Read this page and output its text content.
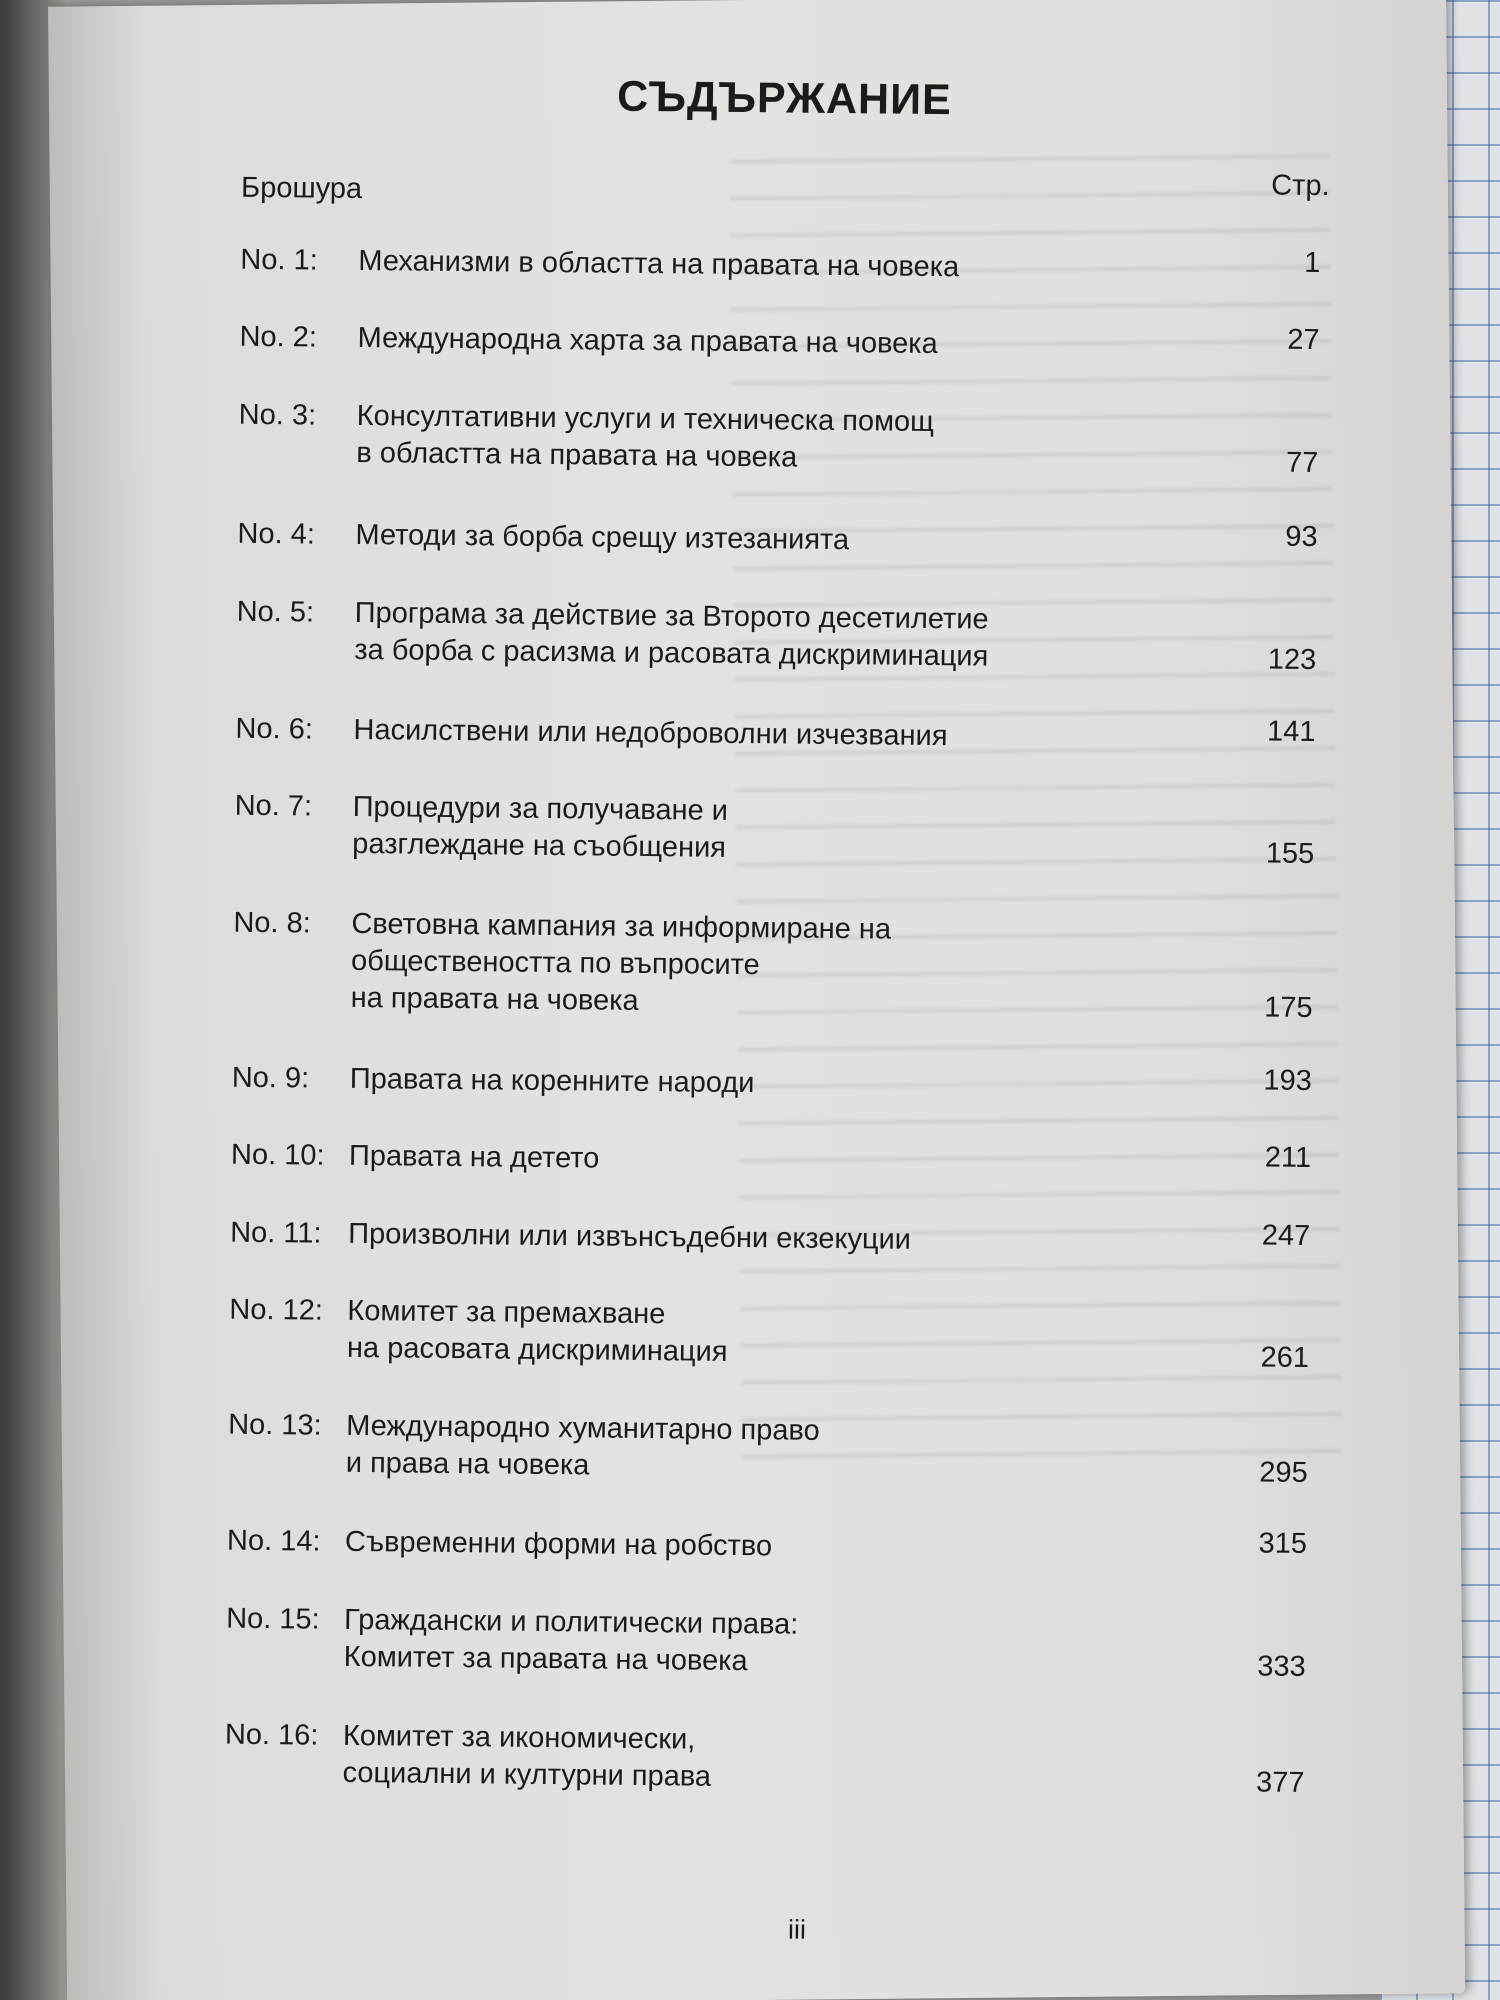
СЪДЪРЖАНИЕ
Брошура	Стр.
No. 1: Механизми в областта на правата на човека	1
No. 2: Международна харта за правата на човека	27
No. 3: Консултативни услуги и техническа помощ
в областта на правата на човека	77
No. 4: Методи за борба срещу изтезанията	93
No. 5: Програма за действие за Второто десетилетие
за борба с расизма и расовата дискриминация	123
No. 6: Насилствени или недоброволни изчезвания	141
No. 7: Процедури за получаване и
разглеждане на съобщения	155
No. 8: Световна кампания за информиране на
обществеността по въпросите
на правата на човека	175
No. 9: Правата на коренните народи	193
No. 10: Правата на детето	211
No. 11: Произволни или извънсъдебни екзекуции	247
No. 12: Комитет за премахване
на расовата дискриминация	261
No. 13: Международно хуманитарно право
и права на човека	295
No. 14: Съвременни форми на робство	315
No. 15: Граждански и политически права:
Комитет за правата на човека	333
No. 16: Комитет за икономически,
социални и културни права	377
iii
